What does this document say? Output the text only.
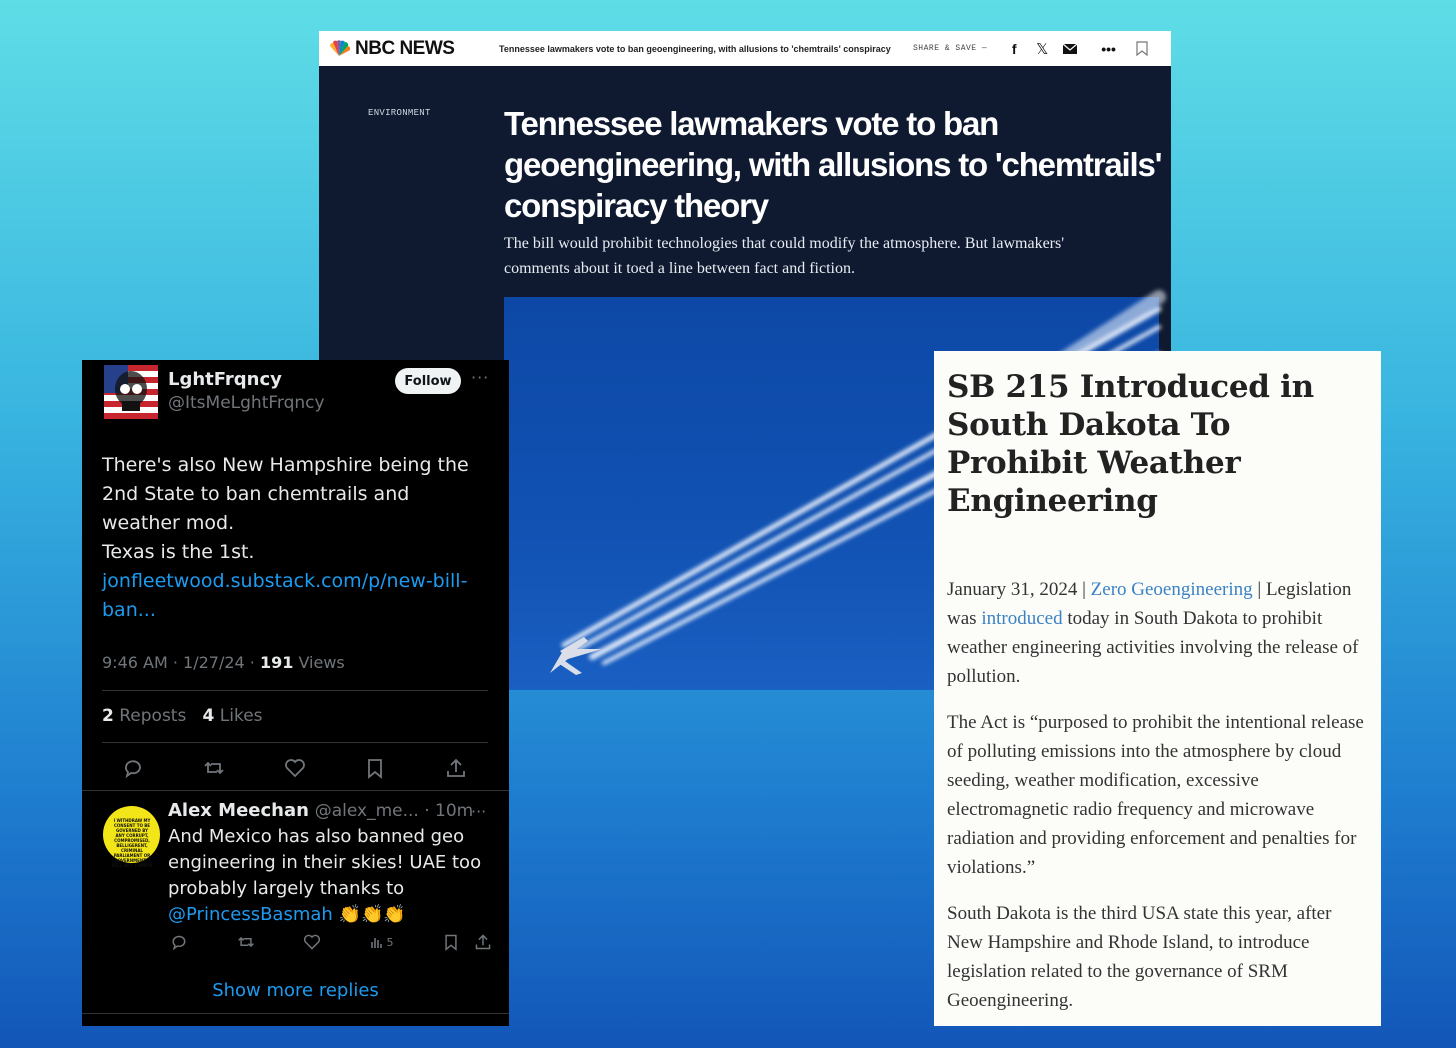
NBC NEWS	Tennessee lawmakers vote to ban geoengineering, with allusions to 'chemtrails' conspiracy	SHARE & SAVE —	f	𝕏	•••
ENVIRONMENT Tennessee lawmakers vote to ban geoengineering, with allusions to 'chemtrails' conspiracy theory

The bill would prohibit technologies that could modify the atmosphere. But lawmakers' comments about it toed a line between fact and fiction.

LghtFrqncy
@ItsMeLghtFrqncy
Follow	···

There's also New Hampshire being the 2nd State to ban chemtrails and weather mod.
Texas is the 1st.
jonfleetwood.substack.com/p/new-bill-ban...

9:46 AM · 1/27/24 · 191 Views
2 Reposts 4 Likes
I WITHDRAW MY CONSENT TO BE GOVERNED BY ANY CORRUPT, COMPROMISED, BELLIGERENT, CRIMINAL PARLIAMENT OR GOVERNMENT. I WILL NOT COMPLY
Alex Meechan @alex_me... · 10m
···

And Mexico has also banned geo engineering in their skies! UAE too probably largely thanks to @PrincessBasmah 👏👏👏

5
Show more replies
SB 215 Introduced in South Dakota To Prohibit Weather Engineering

January 31, 2024 | Zero Geoengineering | Legislation was introduced today in South Dakota to prohibit weather engineering activities involving the release of pollution.

The Act is “purposed to prohibit the intentional release of polluting emissions into the atmosphere by cloud seeding, weather modification, excessive electromagnetic radio frequency and microwave radiation and providing enforcement and penalties for violations.”

South Dakota is the third USA state this year, after New Hampshire and Rhode Island, to introduce legislation related to the governance of SRM Geoengineering.
